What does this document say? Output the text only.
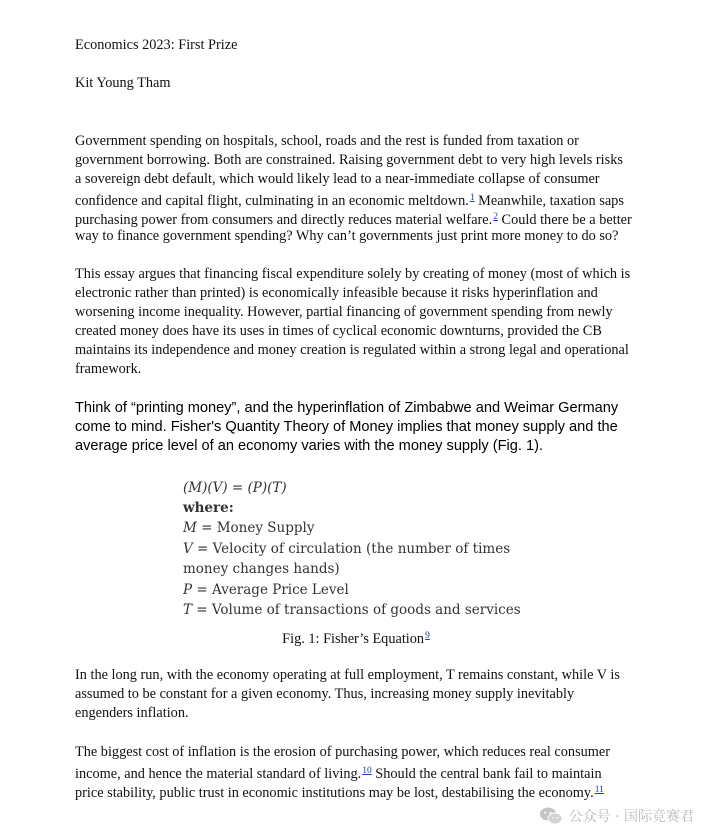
Economics 2023: First Prize
Kit Young Tham
Government spending on hospitals, school, roads and the rest is funded from taxation or
government borrowing. Both are constrained. Raising government debt to very high levels risks
a sovereign debt default, which would likely lead to a near-immediate collapse of consumer
confidence and capital flight, culminating in an economic meltdown.$^1$ Meanwhile, taxation saps
purchasing power from consumers and directly reduces material welfare.$^2$ Could there be a better
way to finance government spending? Why can’t governments just print more money to do so?
This essay argues that financing fiscal expenditure solely by creating of money (most of which is
electronic rather than printed) is economically infeasible because it risks hyperinflation and
worsening income inequality. However, partial financing of government spending from newly
created money does have its uses in times of cyclical economic downturns, provided the CB
maintains its independence and money creation is regulated within a strong legal and operational
framework.
Think of “printing money”, and the hyperinflation of Zimbabwe and Weimar Germany
come to mind. Fisher's Quantity Theory of Money implies that money supply and the
average price level of an economy varies with the money supply (Fig. 1).
(M)(V) = (P)(T)
where:
M = Money Supply
V = Velocity of circulation (the number of times
money changes hands)
P = Average Price Level
T = Volume of transactions of goods and services
Fig. 1: Fisher’s Equation$^9$
In the long run, with the economy operating at full employment, T remains constant, while V is
assumed to be constant for a given economy. Thus, increasing money supply inevitably
engenders inflation.
The biggest cost of inflation is the erosion of purchasing power, which reduces real consumer
income, and hence the material standard of living.$^{10}$ Should the central bank fail to maintain
price stability, public trust in economic institutions may be lost, destabilising the economy.$^{11}$
公众号 · 国际竞赛君
